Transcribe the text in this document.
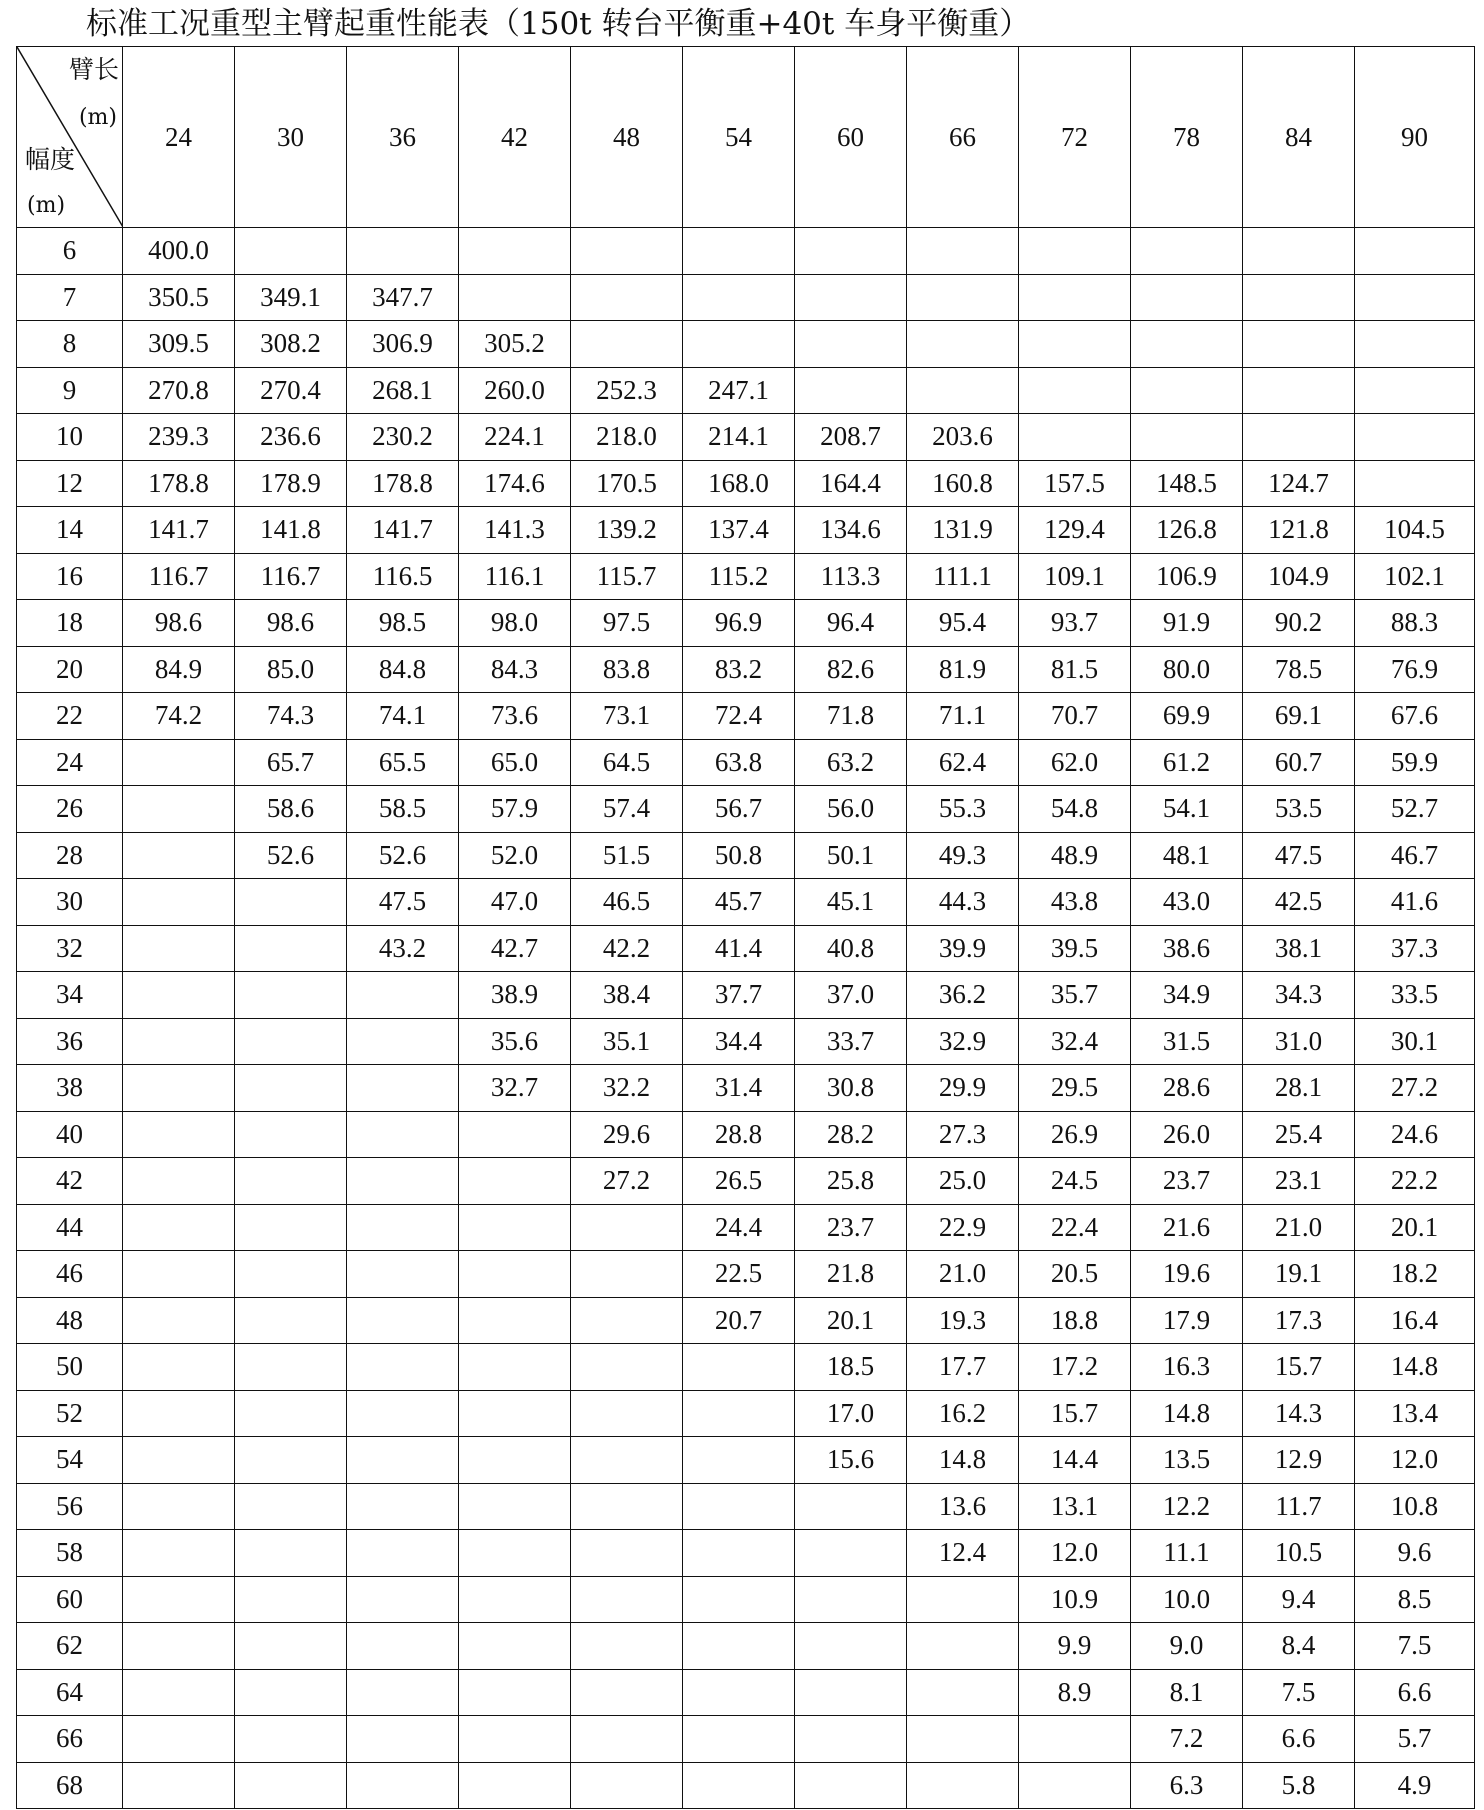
标准工况重型主臂起重性能表（150t 转台平衡重+40t 车身平衡重）
臂长
(m)
幅度
(m)	24	30	36	42	48	54	60	66	72	78	84	90
6	400.0											
7	350.5	349.1	347.7									
8	309.5	308.2	306.9	305.2								
9	270.8	270.4	268.1	260.0	252.3	247.1						
10	239.3	236.6	230.2	224.1	218.0	214.1	208.7	203.6				
12	178.8	178.9	178.8	174.6	170.5	168.0	164.4	160.8	157.5	148.5	124.7	
14	141.7	141.8	141.7	141.3	139.2	137.4	134.6	131.9	129.4	126.8	121.8	104.5
16	116.7	116.7	116.5	116.1	115.7	115.2	113.3	111.1	109.1	106.9	104.9	102.1
18	98.6	98.6	98.5	98.0	97.5	96.9	96.4	95.4	93.7	91.9	90.2	88.3
20	84.9	85.0	84.8	84.3	83.8	83.2	82.6	81.9	81.5	80.0	78.5	76.9
22	74.2	74.3	74.1	73.6	73.1	72.4	71.8	71.1	70.7	69.9	69.1	67.6
24		65.7	65.5	65.0	64.5	63.8	63.2	62.4	62.0	61.2	60.7	59.9
26		58.6	58.5	57.9	57.4	56.7	56.0	55.3	54.8	54.1	53.5	52.7
28		52.6	52.6	52.0	51.5	50.8	50.1	49.3	48.9	48.1	47.5	46.7
30			47.5	47.0	46.5	45.7	45.1	44.3	43.8	43.0	42.5	41.6
32			43.2	42.7	42.2	41.4	40.8	39.9	39.5	38.6	38.1	37.3
34				38.9	38.4	37.7	37.0	36.2	35.7	34.9	34.3	33.5
36				35.6	35.1	34.4	33.7	32.9	32.4	31.5	31.0	30.1
38				32.7	32.2	31.4	30.8	29.9	29.5	28.6	28.1	27.2
40					29.6	28.8	28.2	27.3	26.9	26.0	25.4	24.6
42					27.2	26.5	25.8	25.0	24.5	23.7	23.1	22.2
44						24.4	23.7	22.9	22.4	21.6	21.0	20.1
46						22.5	21.8	21.0	20.5	19.6	19.1	18.2
48						20.7	20.1	19.3	18.8	17.9	17.3	16.4
50							18.5	17.7	17.2	16.3	15.7	14.8
52							17.0	16.2	15.7	14.8	14.3	13.4
54							15.6	14.8	14.4	13.5	12.9	12.0
56								13.6	13.1	12.2	11.7	10.8
58								12.4	12.0	11.1	10.5	9.6
60									10.9	10.0	9.4	8.5
62									9.9	9.0	8.4	7.5
64									8.9	8.1	7.5	6.6
66										7.2	6.6	5.7
68										6.3	5.8	4.9
